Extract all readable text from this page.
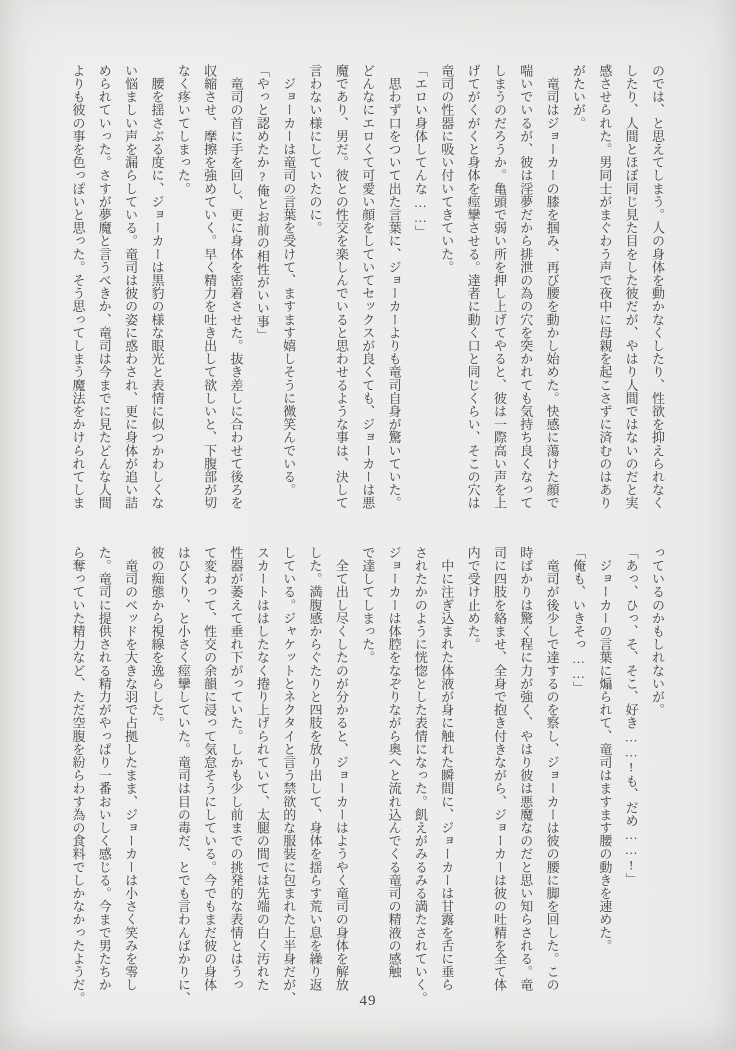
のでは、と思えてしまう。人の身体を動かなくしたり、性欲を抑えられなく
したり、人間とほぼ同じ見た目をした彼だが、やはり人間ではないのだと実
感させられた。男同士がまぐわう声で夜中に母親を起こさずに済むのはあり
がたいが。
　竜司はジョーカーの膝を掴み、再び腰を動かし始めた。快感に蕩けた顔で
喘いでいるが、彼は淫夢だから排泄の為の穴を突かれても気持ち良くなって
しまうのだろうか。亀頭で弱い所を押し上げてやると、彼は一際高い声を上
げてがくがくと身体を痙攣させる。達者に動く口と同じくらい、そこの穴は
竜司の性器に吸い付いてきていた。
「エロい身体してんな……」
　思わず口をついて出た言葉に、ジョーカーよりも竜司自身が驚いていた。
どんなにエロくて可愛い顔をしていてセックスが良くても、ジョーカーは悪
魔であり、男だ。彼との性交を楽しんでいると思わせるような事は、決して
言わない様にしていたのに。
　ジョーカーは竜司の言葉を受けて、ますます嬉しそうに微笑んでいる。
「やっと認めたか?俺とお前の相性がいい事」
　竜司の首に手を回し、更に身体を密着させた。抜き差しに合わせて後ろを
収縮させ、摩擦を強めていく。早く精力を吐き出して欲しいと、下腹部が切
なく疼いてしまった。
　腰を揺さぶる度に、ジョーカーは黒豹の様な眼光と表情に似つかわしくな
い悩ましい声を漏らしている。竜司は彼の姿に惑わされ、更に身体が追い詰
められていった。さすが夢魔と言うべきか、竜司は今までに見たどんな人間
よりも彼の事を色っぽいと思った。そう思ってしまう魔法をかけられてしま
っているのかもしれないが。
「あっ、ひっ、そ、そこ、好き……!も、だめ……!」
　ジョーカーの言葉に煽られて、竜司はますます腰の動きを速めた。
「俺も、いきそっ……」
　竜司が後少しで達するのを察し、ジョーカーは彼の腰に脚を回した。この
時ばかりは驚く程に力が強く、やはり彼は悪魔なのだと思い知らされる。竜
司に四肢を絡ませ、全身で抱き付きながら、ジョーカーは彼の吐精を全て体
内で受け止めた。
　中に注ぎ込まれた体液が身に触れた瞬間に、ジョーカーは甘露を舌に垂ら
されたかのように恍惚とした表情になった。飢えがみるみる満たされていく。
ジョーカーは体腔をなぞりながら奥へと流れ込んでくる竜司の精液の感触
で達してしまった。
　全て出し尽くしたのが分かると、ジョーカーはようやく竜司の身体を解放
した。満腹感からぐたりと四肢を放り出して、身体を揺らす荒い息を繰り返
している。ジャケットとネクタイと言う禁欲的な服装に包まれた上半身だが、
スカートははしたなく捲り上げられていて、太腿の間では先端の白く汚れた
性器が萎えて垂れ下がっていた。しかも少し前までの挑発的な表情とはうっ
て変わって、性交の余韻に浸って気怠そうにしている。今でもまだ彼の身体
はひくり、と小さく痙攣していた。竜司は目の毒だ、とでも言わんばかりに、
彼の痴態から視線を逸らした。
　竜司のベッドを大きな羽で占拠したまま、ジョーカーは小さく笑みを零し
た。竜司に提供される精力がやっぱり一番おいしく感じる。今まで男たちか
ら奪っていた精力など、ただ空腹を紛らわす為の食料でしかなかったようだ。	49
